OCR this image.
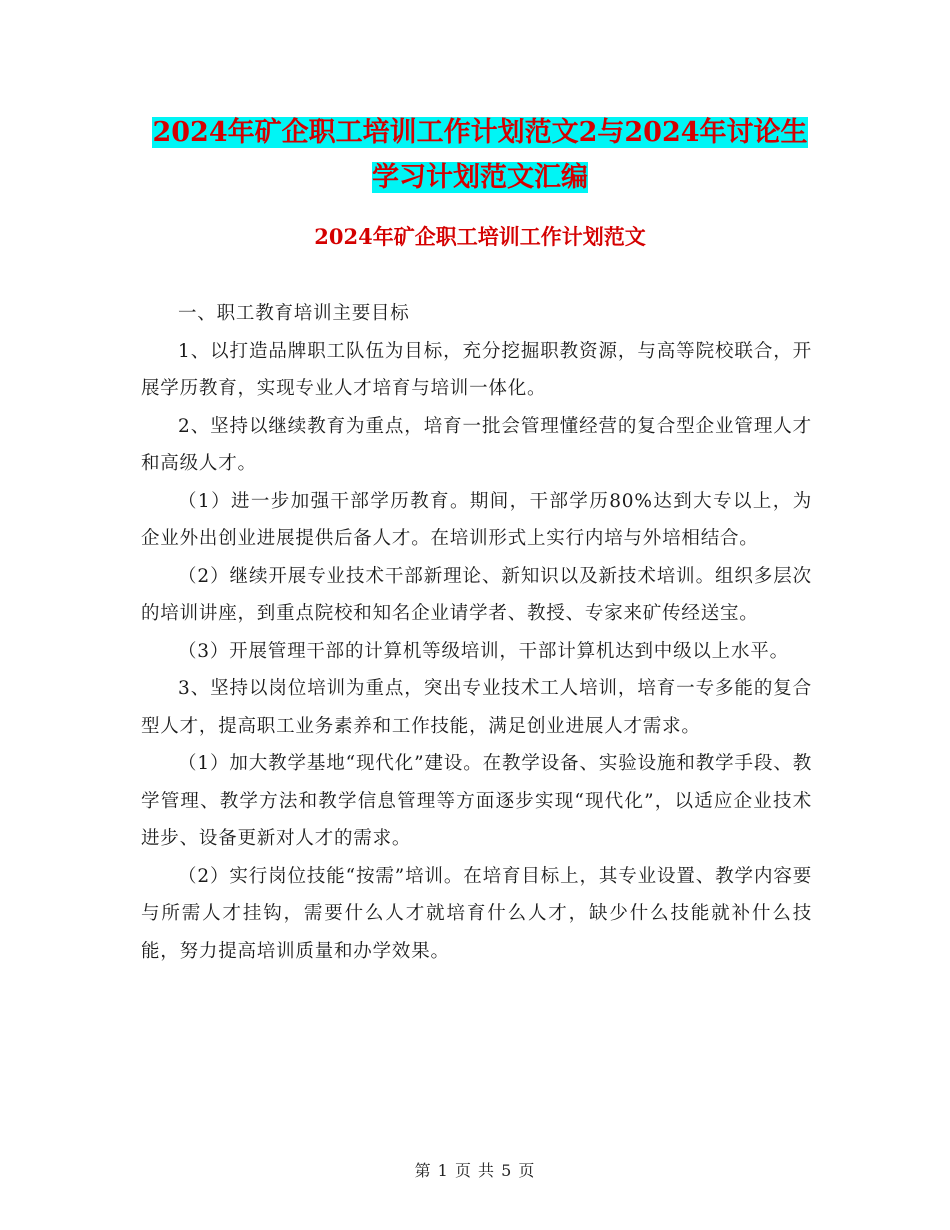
2024年矿企职工培训工作计划范文2与2024年讨论生学习计划范文汇编
2024年矿企职工培训工作计划范文

一、职工教育培训主要目标

1、以打造品牌职工队伍为目标，充分挖掘职教资源，与高等院校联合，开展学历教育，实现专业人才培育与培训一体化。

2、坚持以继续教育为重点，培育一批会管理懂经营的复合型企业管理人才和高级人才。

（1）进一步加强干部学历教育。期间，干部学历80%达到大专以上，为企业外出创业进展提供后备人才。在培训形式上实行内培与外培相结合。

（2）继续开展专业技术干部新理论、新知识以及新技术培训。组织多层次的培训讲座，到重点院校和知名企业请学者、教授、专家来矿传经送宝。

（3）开展管理干部的计算机等级培训，干部计算机达到中级以上水平。

3、坚持以岗位培训为重点，突出专业技术工人培训，培育一专多能的复合型人才，提高职工业务素养和工作技能，满足创业进展人才需求。

（1）加大教学基地“现代化”建设。在教学设备、实验设施和教学手段、教学管理、教学方法和教学信息管理等方面逐步实现“现代化”，以适应企业技术进步、设备更新对人才的需求。

（2）实行岗位技能“按需”培训。在培育目标上，其专业设置、教学内容要与所需人才挂钩，需要什么人才就培育什么人才，缺少什么技能就补什么技能，努力提高培训质量和办学效果。

第 1 页 共 5 页
